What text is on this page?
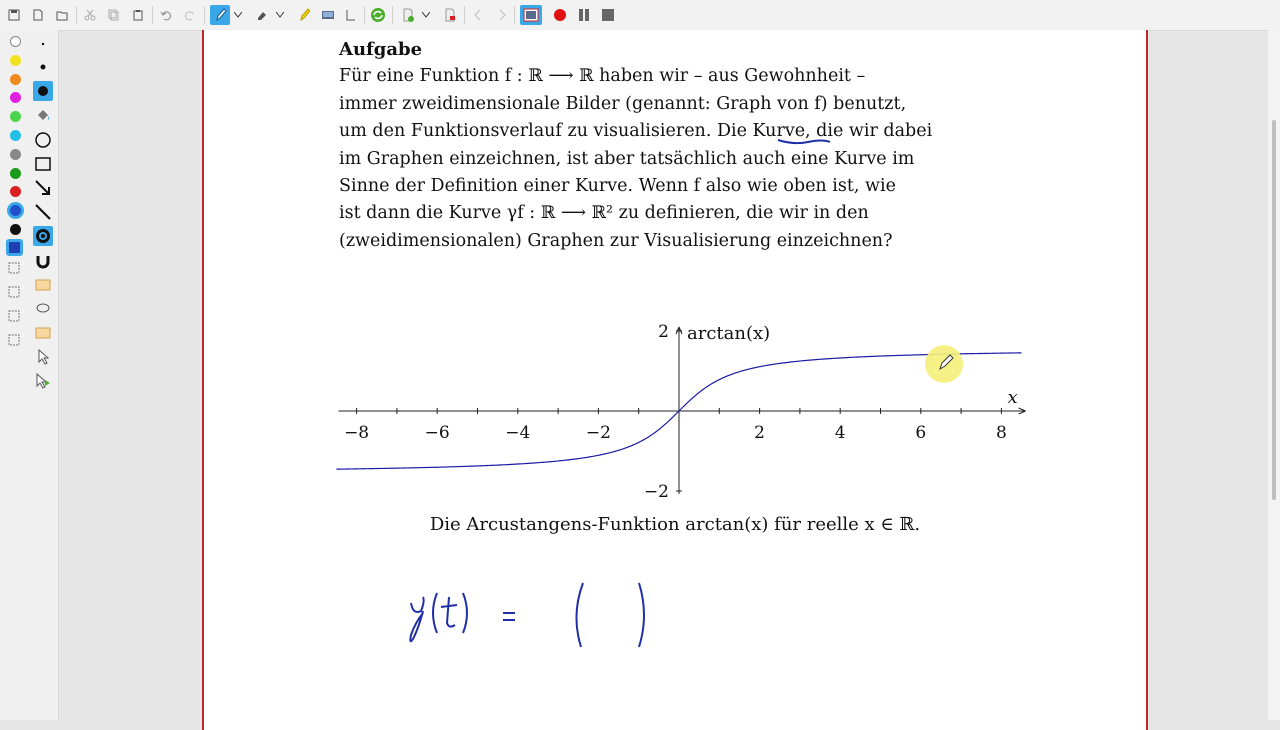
Aufgabe

Für eine Funktion f : ℝ ⟶ ℝ haben wir – aus Gewohnheit –

immer zweidimensionale Bilder (genannt: Graph von f) benutzt,

um den Funktionsverlauf zu visualisieren. Die Kurve, die wir dabei

im Graphen einzeichnen, ist aber tatsächlich auch eine Kurve im

Sinne der Definition einer Kurve. Wenn f also wie oben ist, wie

ist dann die Kurve γf : ℝ ⟶ ℝ² zu definieren, die wir in den

(zweidimensionalen) Graphen zur Visualisierung einzeichnen?

−8	−6	−4	−2	2	4	6	8
2
−2
x
arctan(x)
Die Arcustangens-Funktion arctan(x) für reelle x ∈ ℝ.
